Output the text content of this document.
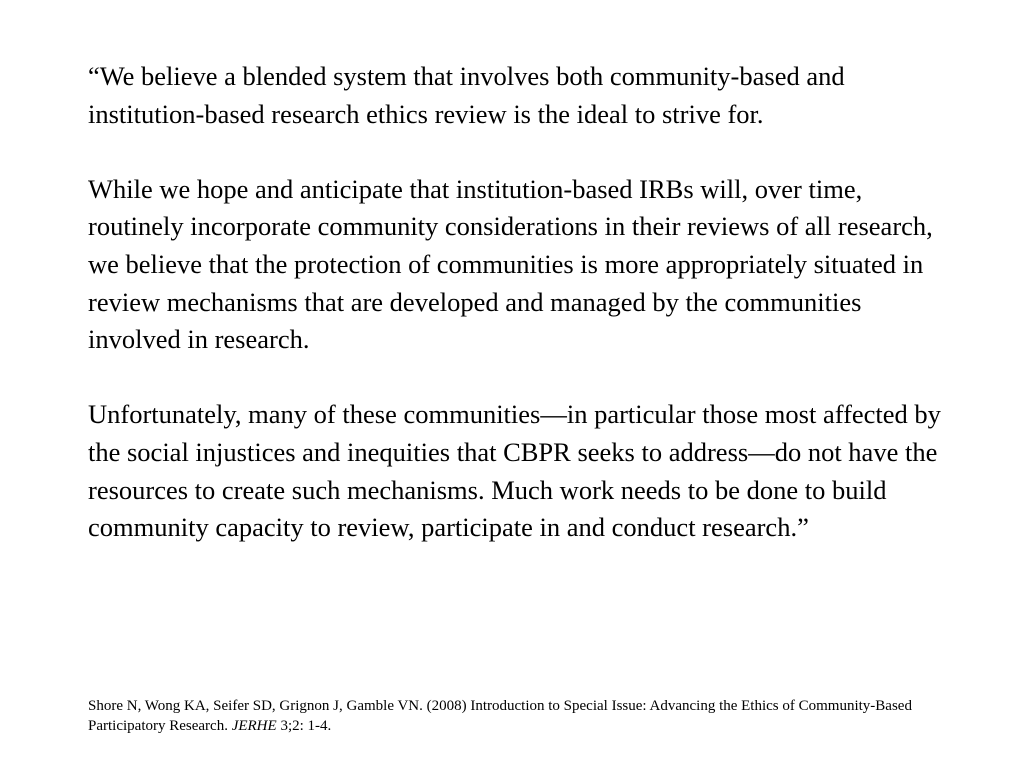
“We believe a blended system that involves both community-based and institution-based research ethics review is the ideal to strive for.

While we hope and anticipate that institution-based IRBs will, over time, routinely incorporate community considerations in their reviews of all research, we believe that the protection of communities is more appropriately situated in review mechanisms that are developed and managed by the communities involved in research.

Unfortunately, many of these communities—in particular those most affected by the social injustices and inequities that CBPR seeks to address—do not have the resources to create such mechanisms. Much work needs to be done to build community capacity to review, participate in and conduct research.”

Shore N, Wong KA, Seifer SD, Grignon J, Gamble VN. (2008) Introduction to Special Issue: Advancing the Ethics of Community-Based Participatory Research. JERHE 3;2: 1-4.
